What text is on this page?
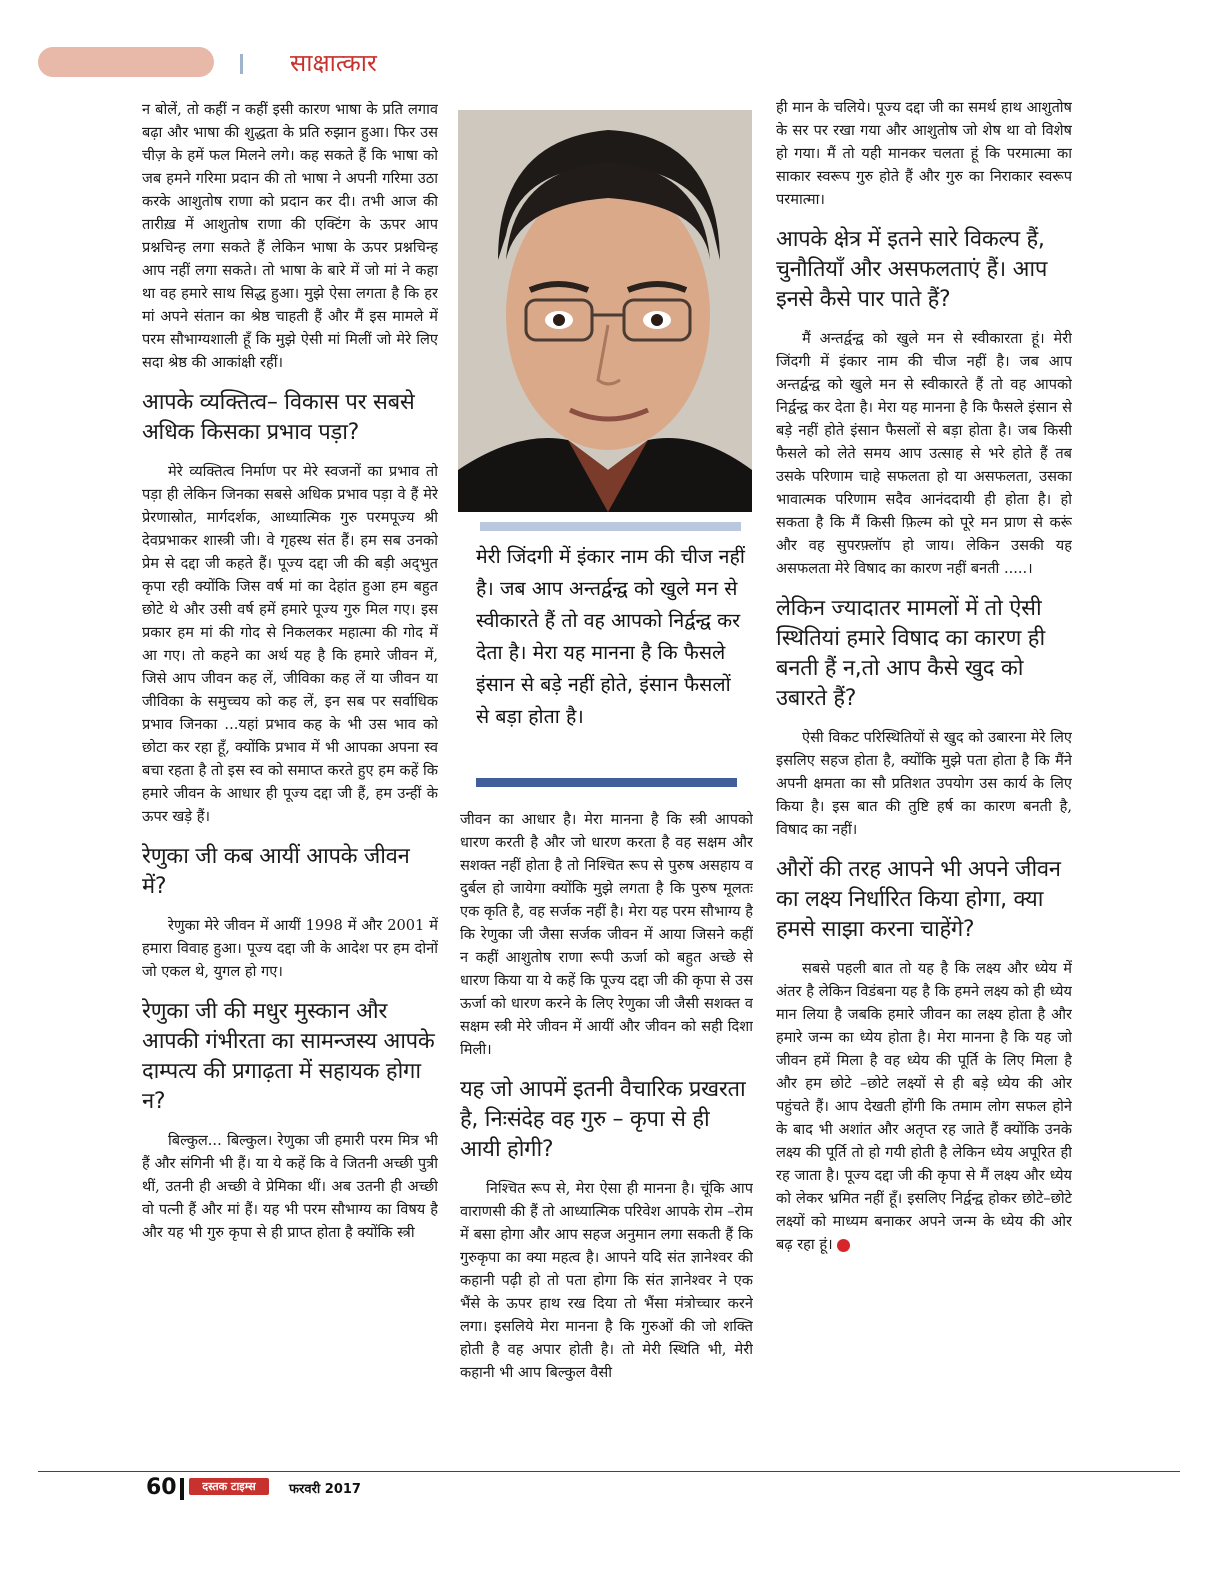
साक्षात्कार

न बोलें, तो कहीं न कहीं इसी कारण भाषा के प्रति लगाव बढ़ा और भाषा की शुद्धता के प्रति रुझान हुआ। फिर उस चीज़ के हमें फल मिलने लगे। कह सकते हैं कि भाषा को जब हमने गरिमा प्रदान की तो भाषा ने अपनी गरिमा उठा करके आशुतोष राणा को प्रदान कर दी। तभी आज की तारीख़ में आशुतोष राणा की एक्टिंग के ऊपर आप प्रश्नचिन्ह लगा सकते हैं लेकिन भाषा के ऊपर प्रश्नचिन्ह आप नहीं लगा सकते। तो भाषा के बारे में जो मां ने कहा था वह हमारे साथ सिद्ध हुआ। मुझे ऐसा लगता है कि हर मां अपने संतान का श्रेष्ठ चाहती हैं और मैं इस मामले में परम सौभाग्यशाली हूँ कि मुझे ऐसी मां मिलीं जो मेरे लिए सदा श्रेष्ठ की आकांक्षी रहीं।

आपके व्यक्तित्व– विकास पर सबसे अधिक किसका प्रभाव पड़ा?

मेरे व्यक्तित्व निर्माण पर मेरे स्वजनों का प्रभाव तो पड़ा ही लेकिन जिनका सबसे अधिक प्रभाव पड़ा वे हैं मेरे प्रेरणास्रोत, मार्गदर्शक, आध्यात्मिक गुरु परमपूज्य श्री देवप्रभाकर शास्त्री जी। वे गृहस्थ संत हैं। हम सब उनको प्रेम से दद्दा जी कहते हैं। पूज्य दद्दा जी की बड़ी अद्‌भुत कृपा रही क्योंकि जिस वर्ष मां का देहांत हुआ हम बहुत छोटे थे और उसी वर्ष हमें हमारे पूज्य गुरु मिल गए। इस प्रकार हम मां की गोद से निकलकर महात्मा की गोद में आ गए। तो कहने का अर्थ यह है कि हमारे जीवन में, जिसे आप जीवन कह लें, जीविका कह लें या जीवन या जीविका के समुच्चय को कह लें, इन सब पर सर्वाधिक प्रभाव जिनका ...यहां प्रभाव कह के भी उस भाव को छोटा कर रहा हूँ, क्योंकि प्रभाव में भी आपका अपना स्व बचा रहता है तो इस स्व को समाप्त करते हुए हम कहें कि हमारे जीवन के आधार ही पूज्य दद्दा जी हैं, हम उन्हीं के ऊपर खड़े हैं।

रेणुका जी कब आयीं आपके जीवन में?

रेणुका मेरे जीवन में आयीं 1998 में और 2001 में हमारा विवाह हुआ। पूज्य दद्दा जी के आदेश पर हम दोनों जो एकल थे, युगल हो गए।

रेणुका जी की मधुर मुस्कान और आपकी गंभीरता का सामन्जस्य आपके दाम्पत्य की प्रगाढ़ता में सहायक होगा न?

बिल्कुल... बिल्कुल। रेणुका जी हमारी परम मित्र भी हैं और संगिनी भी हैं। या ये कहें कि वे जितनी अच्छी पुत्री थीं, उतनी ही अच्छी वे प्रेमिका थीं। अब उतनी ही अच्छी वो पत्नी हैं और मां हैं। यह भी परम सौभाग्य का विषय है और यह भी गुरु कृपा से ही प्राप्त होता है क्योंकि स्त्री

मेरी जिंदगी में इंकार नाम की चीज नहीं है। जब आप अन्तर्द्वन्द्व को खुले मन से स्वीकारते हैं तो वह आपको निर्द्वन्द्व कर देता है। मेरा यह मानना है कि फैसले इंसान से बड़े नहीं होते, इंसान फैसलों से बड़ा होता है।

जीवन का आधार है। मेरा मानना है कि स्त्री आपको धारण करती है और जो धारण करता है वह सक्षम और सशक्त नहीं होता है तो निश्चित रूप से पुरुष असहाय व दुर्बल हो जायेगा क्योंकि मुझे लगता है कि पुरुष मूलतः एक कृति है, वह सर्जक नहीं है। मेरा यह परम सौभाग्य है कि रेणुका जी जैसा सर्जक जीवन में आया जिसने कहीं न कहीं आशुतोष राणा रूपी ऊर्जा को बहुत अच्छे से धारण किया या ये कहें कि पूज्य दद्दा जी की कृपा से उस ऊर्जा को धारण करने के लिए रेणुका जी जैसी सशक्त व सक्षम स्त्री मेरे जीवन में आयीं और जीवन को सही दिशा मिली।

यह जो आपमें इतनी वैचारिक प्रखरता है, निःसंदेह वह गुरु – कृपा से ही आयी होगी?

निश्चित रूप से, मेरा ऐसा ही मानना है। चूंकि आप वाराणसी की हैं तो आध्यात्मिक परिवेश आपके रोम –रोम में बसा होगा और आप सहज अनुमान लगा सकती हैं कि गुरुकृपा का क्या महत्व है। आपने यदि संत ज्ञानेश्वर की कहानी पढ़ी हो तो पता होगा कि संत ज्ञानेश्वर ने एक भैंसे के ऊपर हाथ रख दिया तो भैंसा मंत्रोच्चार करने लगा। इसलिये मेरा मानना है कि गुरुओं की जो शक्ति होती है वह अपार होती है। तो मेरी स्थिति भी, मेरी कहानी भी आप बिल्कुल वैसी

ही मान के चलिये। पूज्य दद्दा जी का समर्थ हाथ आशुतोष के सर पर रखा गया और आशुतोष जो शेष था वो विशेष हो गया। मैं तो यही मानकर चलता हूं कि परमात्मा का साकार स्वरूप गुरु होते हैं और गुरु का निराकार स्वरूप परमात्मा।

आपके क्षेत्र में इतने सारे विकल्प हैं, चुनौतियाँ और असफलताएं हैं। आप इनसे कैसे पार पाते हैं?

मैं अन्तर्द्वन्द्व को खुले मन से स्वीकारता हूं। मेरी जिंदगी में इंकार नाम की चीज नहीं है। जब आप अन्तर्द्वन्द्व को खुले मन से स्वीकारते हैं तो वह आपको निर्द्वन्द्व कर देता है। मेरा यह मानना है कि फैसले इंसान से बड़े नहीं होते इंसान फैसलों से बड़ा होता है। जब किसी फैसले को लेते समय आप उत्साह से भरे होते हैं तब उसके परिणाम चाहे सफलता हो या असफलता, उसका भावात्मक परिणाम सदैव आनंददायी ही होता है। हो सकता है कि मैं किसी फ़िल्म को पूरे मन प्राण से करूं और वह सुपरफ़्लॉप हो जाय। लेकिन उसकी यह असफलता मेरे विषाद का कारण नहीं बनती .....।

लेकिन ज्यादातर मामलों में तो ऐसी स्थितियां हमारे विषाद का कारण ही बनती हैं न,तो आप कैसे खुद को उबारते हैं?

ऐसी विकट परिस्थितियों से खुद को उबारना मेरे लिए इसलिए सहज होता है, क्योंकि मुझे पता होता है कि मैंने अपनी क्षमता का सौ प्रतिशत उपयोग उस कार्य के लिए किया है। इस बात की तुष्टि हर्ष का कारण बनती है, विषाद का नहीं।

औरों की तरह आपने भी अपने जीवन का लक्ष्य निर्धारित किया होगा, क्या हमसे साझा करना चाहेंगे?

सबसे पहली बात तो यह है कि लक्ष्य और ध्येय में अंतर है लेकिन विडंबना यह है कि हमने लक्ष्य को ही ध्येय मान लिया है जबकि हमारे जीवन का लक्ष्य होता है और हमारे जन्म का ध्येय होता है। मेरा मानना है कि यह जो जीवन हमें मिला है वह ध्येय की पूर्ति के लिए मिला है और हम छोटे –छोटे लक्ष्यों से ही बड़े ध्येय की ओर पहुंचते हैं। आप देखती होंगी कि तमाम लोग सफल होने के बाद भी अशांत और अतृप्त रह जाते हैं क्योंकि उनके लक्ष्य की पूर्ति तो हो गयी होती है लेकिन ध्येय अपूरित ही रह जाता है। पूज्य दद्दा जी की कृपा से मैं लक्ष्य और ध्येय को लेकर भ्रमित नहीं हूँ। इसलिए निर्द्वन्द्व होकर छोटे–छोटे लक्ष्यों को माध्यम बनाकर अपने जन्म के ध्येय की ओर बढ़ रहा हूं।

60	दस्तक टाइम्स	फरवरी 2017
